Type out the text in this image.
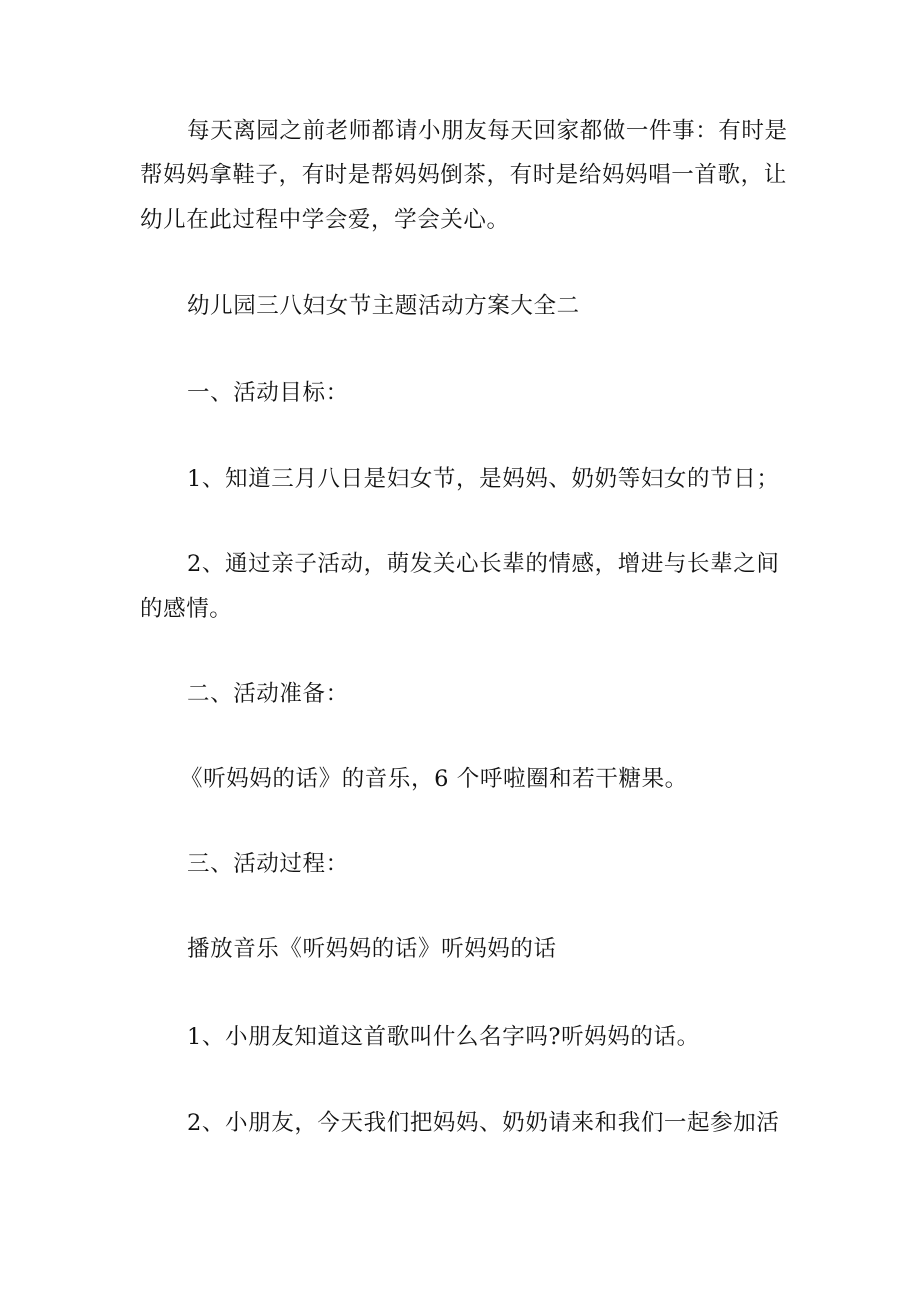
每天离园之前老师都请小朋友每天回家都做一件事：有时是

帮妈妈拿鞋子，有时是帮妈妈倒茶，有时是给妈妈唱一首歌，让

幼儿在此过程中学会爱，学会关心。

幼儿园三八妇女节主题活动方案大全二

一、活动目标：

1、知道三月八日是妇女节，是妈妈、奶奶等妇女的节日；

2、通过亲子活动，萌发关心长辈的情感，增进与长辈之间

的感情。

二、活动准备：

《听妈妈的话》的音乐，6 个呼啦圈和若干糖果。

三、活动过程：

播放音乐《听妈妈的话》听妈妈的话

1、小朋友知道这首歌叫什么名字吗?听妈妈的话。

2、小朋友，今天我们把妈妈、奶奶请来和我们一起参加活
